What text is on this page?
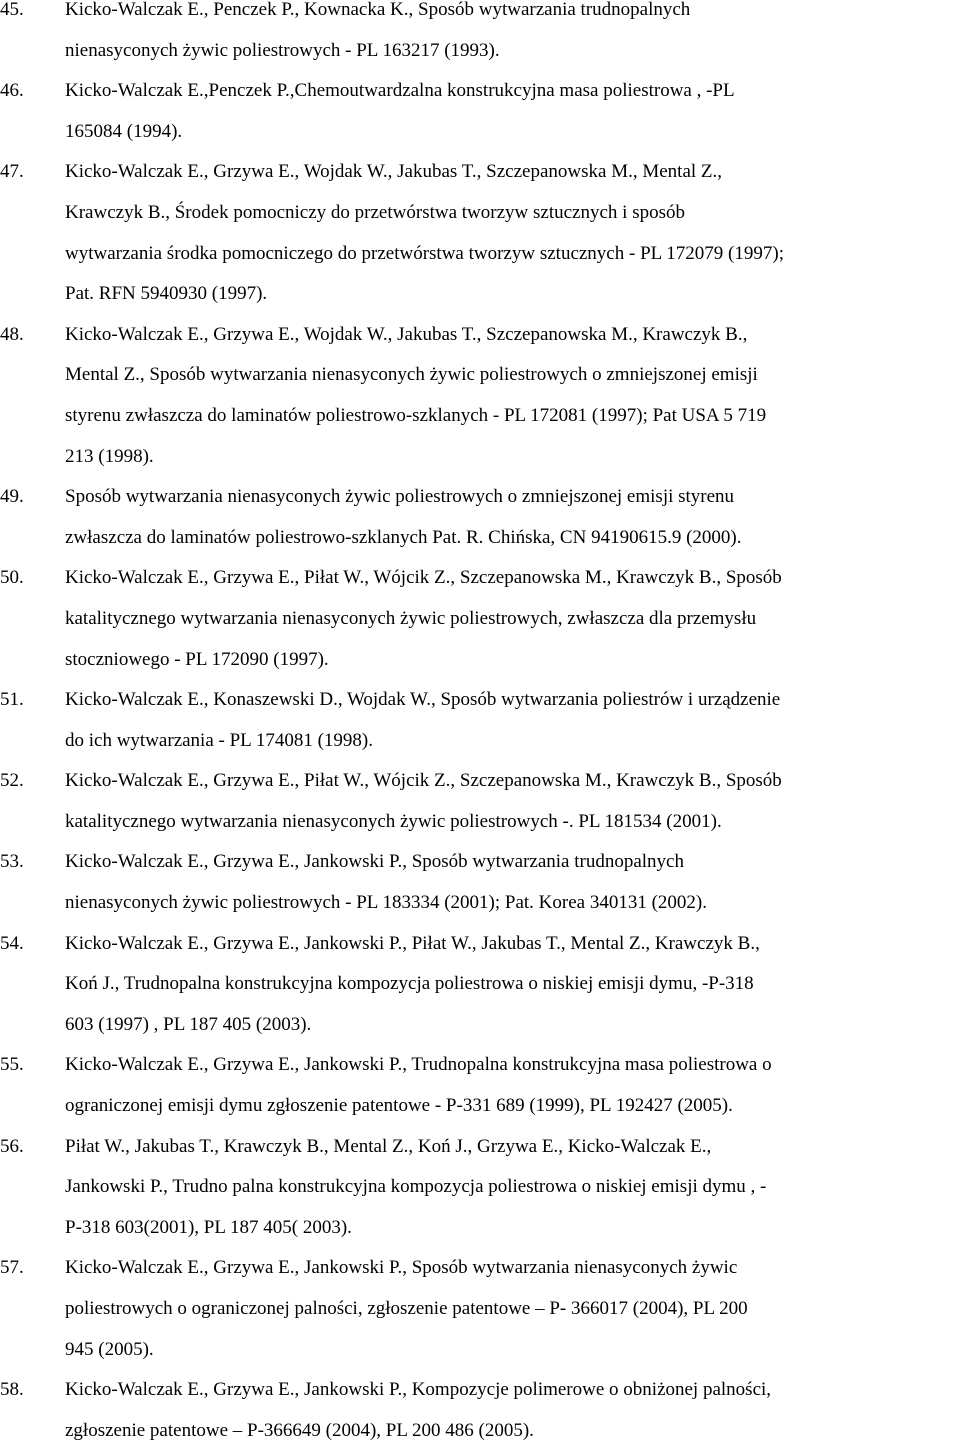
45.	Kicko-Walczak E., Penczek P., Kownacka K., Sposób wytwarzania trudnopalnych
nienasyconych żywic poliestrowych - PL 163217 (1993).
46.	Kicko-Walczak E.,Penczek P.,Chemoutwardzalna konstrukcyjna masa poliestrowa , -PL
165084 (1994).
47.	Kicko-Walczak E., Grzywa E., Wojdak W., Jakubas T., Szczepanowska M., Mental Z.,
Krawczyk B., Środek pomocniczy do przetwórstwa tworzyw sztucznych i sposób
wytwarzania środka pomocniczego do przetwórstwa tworzyw sztucznych - PL 172079 (1997);
Pat. RFN 5940930 (1997).
48.	Kicko-Walczak E., Grzywa E., Wojdak W., Jakubas T., Szczepanowska M., Krawczyk B.,
Mental Z., Sposób wytwarzania nienasyconych żywic poliestrowych o zmniejszonej emisji
styrenu zwłaszcza do laminatów poliestrowo-szklanych - PL 172081 (1997); Pat USA 5 719
213 (1998).
49.	Sposób wytwarzania nienasyconych żywic poliestrowych o zmniejszonej emisji styrenu
zwłaszcza do laminatów poliestrowo-szklanych Pat. R. Chińska, CN 94190615.9 (2000).
50.	Kicko-Walczak E., Grzywa E., Piłat W., Wójcik Z., Szczepanowska M., Krawczyk B., Sposób
katalitycznego wytwarzania nienasyconych żywic poliestrowych, zwłaszcza dla przemysłu
stoczniowego - PL 172090 (1997).
51.	Kicko-Walczak E., Konaszewski D., Wojdak W., Sposób wytwarzania poliestrów i urządzenie
do ich wytwarzania - PL 174081 (1998).
52.	Kicko-Walczak E., Grzywa E., Piłat W., Wójcik Z., Szczepanowska M., Krawczyk B., Sposób
katalitycznego wytwarzania nienasyconych żywic poliestrowych -. PL 181534 (2001).
53.	Kicko-Walczak E., Grzywa E., Jankowski P., Sposób wytwarzania trudnopalnych
nienasyconych żywic poliestrowych - PL 183334 (2001); Pat. Korea 340131 (2002).
54.	Kicko-Walczak E., Grzywa E., Jankowski P., Piłat W., Jakubas T., Mental Z., Krawczyk B.,
Koń J., Trudnopalna konstrukcyjna kompozycja poliestrowa o niskiej emisji dymu, -P-318
603 (1997) , PL 187 405 (2003).
55.	Kicko-Walczak E., Grzywa E., Jankowski P., Trudnopalna konstrukcyjna masa poliestrowa o
ograniczonej emisji dymu zgłoszenie patentowe - P-331 689 (1999), PL 192427 (2005).
56.	Piłat W., Jakubas T., Krawczyk B., Mental Z., Koń J., Grzywa E., Kicko-Walczak E.,
Jankowski P., Trudno palna konstrukcyjna kompozycja poliestrowa o niskiej emisji dymu , -
P-318 603(2001), PL 187 405( 2003).
57.	Kicko-Walczak E., Grzywa E., Jankowski P., Sposób wytwarzania nienasyconych żywic
poliestrowych o ograniczonej palności, zgłoszenie patentowe – P- 366017 (2004), PL 200
945 (2005).
58.	Kicko-Walczak E., Grzywa E., Jankowski P., Kompozycje polimerowe o obniżonej palności,
zgłoszenie patentowe – P-366649 (2004), PL 200 486 (2005).
